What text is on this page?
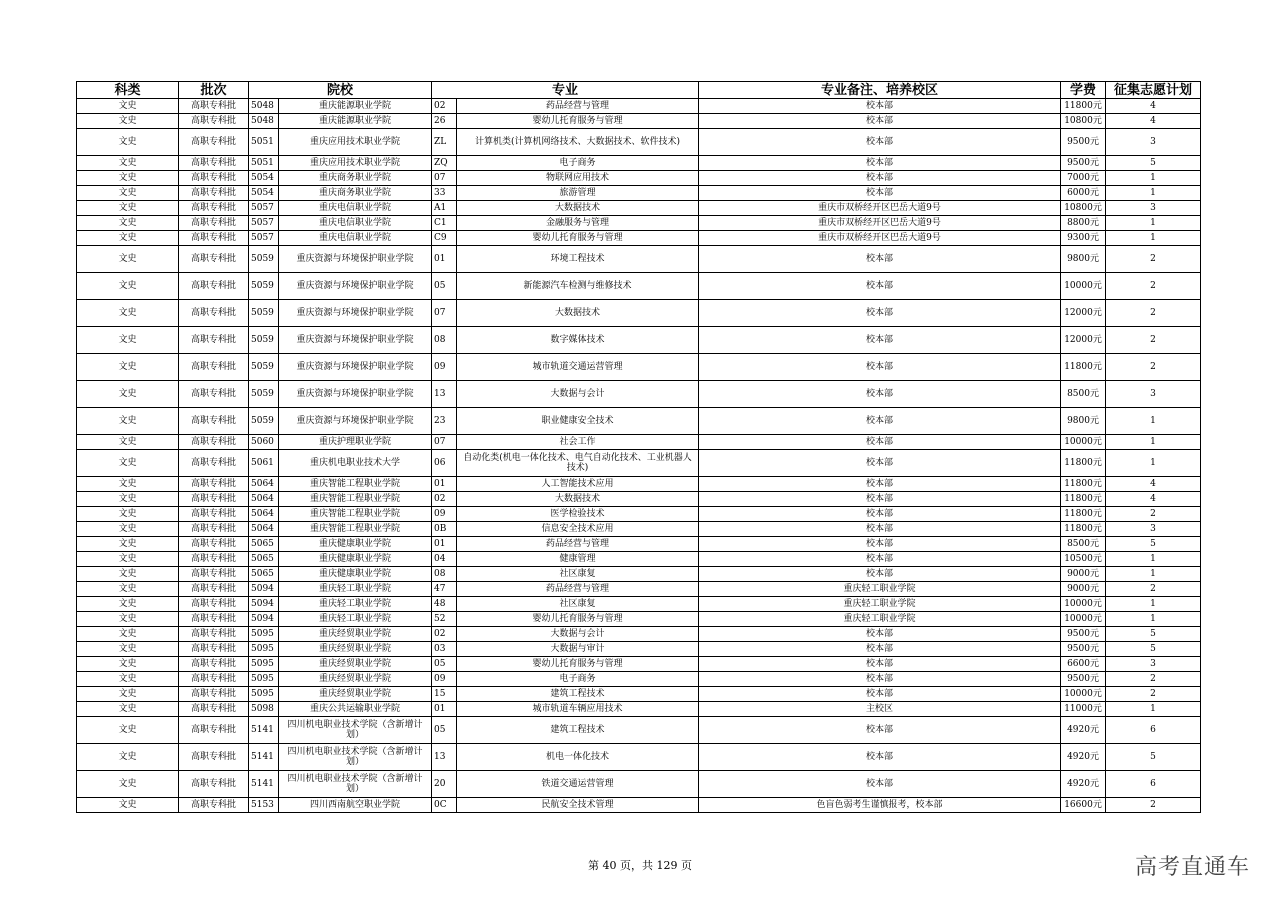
科类	批次	院校		专业		专业备注、培养校区	学费	征集志愿计划
文史	高职专科批	5048	重庆能源职业学院	02	药品经营与管理	校本部	11800元	4
文史	高职专科批	5048	重庆能源职业学院	26	婴幼儿托育服务与管理	校本部	10800元	4
文史	高职专科批	5051	重庆应用技术职业学院	ZL	计算机类(计算机网络技术、大数据技术、软件技术)	校本部	9500元	3
文史	高职专科批	5051	重庆应用技术职业学院	ZQ	电子商务	校本部	9500元	5
文史	高职专科批	5054	重庆商务职业学院	07	物联网应用技术	校本部	7000元	1
文史	高职专科批	5054	重庆商务职业学院	33	旅游管理	校本部	6000元	1
文史	高职专科批	5057	重庆电信职业学院	A1	大数据技术	重庆市双桥经开区巴岳大道9号	10800元	3
文史	高职专科批	5057	重庆电信职业学院	C1	金融服务与管理	重庆市双桥经开区巴岳大道9号	8800元	1
文史	高职专科批	5057	重庆电信职业学院	C9	婴幼儿托育服务与管理	重庆市双桥经开区巴岳大道9号	9300元	1
文史	高职专科批	5059	重庆资源与环境保护职业学院	01	环境工程技术	校本部	9800元	2
文史	高职专科批	5059	重庆资源与环境保护职业学院	05	新能源汽车检测与维修技术	校本部	10000元	2
文史	高职专科批	5059	重庆资源与环境保护职业学院	07	大数据技术	校本部	12000元	2
文史	高职专科批	5059	重庆资源与环境保护职业学院	08	数字媒体技术	校本部	12000元	2
文史	高职专科批	5059	重庆资源与环境保护职业学院	09	城市轨道交通运营管理	校本部	11800元	2
文史	高职专科批	5059	重庆资源与环境保护职业学院	13	大数据与会计	校本部	8500元	3
文史	高职专科批	5059	重庆资源与环境保护职业学院	23	职业健康安全技术	校本部	9800元	1
文史	高职专科批	5060	重庆护理职业学院	07	社会工作	校本部	10000元	1
文史	高职专科批	5061	重庆机电职业技术大学	06	自动化类(机电一体化技术、电气自动化技术、工业机器人技术)	校本部	11800元	1
文史	高职专科批	5064	重庆智能工程职业学院	01	人工智能技术应用	校本部	11800元	4
文史	高职专科批	5064	重庆智能工程职业学院	02	大数据技术	校本部	11800元	4
文史	高职专科批	5064	重庆智能工程职业学院	09	医学检验技术	校本部	11800元	2
文史	高职专科批	5064	重庆智能工程职业学院	0B	信息安全技术应用	校本部	11800元	3
文史	高职专科批	5065	重庆健康职业学院	01	药品经营与管理	校本部	8500元	5
文史	高职专科批	5065	重庆健康职业学院	04	健康管理	校本部	10500元	1
文史	高职专科批	5065	重庆健康职业学院	08	社区康复	校本部	9000元	1
文史	高职专科批	5094	重庆轻工职业学院	47	药品经营与管理	重庆轻工职业学院	9000元	2
文史	高职专科批	5094	重庆轻工职业学院	48	社区康复	重庆轻工职业学院	10000元	1
文史	高职专科批	5094	重庆轻工职业学院	52	婴幼儿托育服务与管理	重庆轻工职业学院	10000元	1
文史	高职专科批	5095	重庆经贸职业学院	02	大数据与会计	校本部	9500元	5
文史	高职专科批	5095	重庆经贸职业学院	03	大数据与审计	校本部	9500元	5
文史	高职专科批	5095	重庆经贸职业学院	05	婴幼儿托育服务与管理	校本部	6600元	3
文史	高职专科批	5095	重庆经贸职业学院	09	电子商务	校本部	9500元	2
文史	高职专科批	5095	重庆经贸职业学院	15	建筑工程技术	校本部	10000元	2
文史	高职专科批	5098	重庆公共运输职业学院	01	城市轨道车辆应用技术	主校区	11000元	1
文史	高职专科批	5141	四川机电职业技术学院（含新增计划）	05	建筑工程技术	校本部	4920元	6
文史	高职专科批	5141	四川机电职业技术学院（含新增计划）	13	机电一体化技术	校本部	4920元	5
文史	高职专科批	5141	四川机电职业技术学院（含新增计划）	20	铁道交通运营管理	校本部	4920元	6
文史	高职专科批	5153	四川西南航空职业学院	0C	民航安全技术管理	色盲色弱考生谨慎报考，校本部	16600元	2
第 40 页，共 129 页	高考直通车
